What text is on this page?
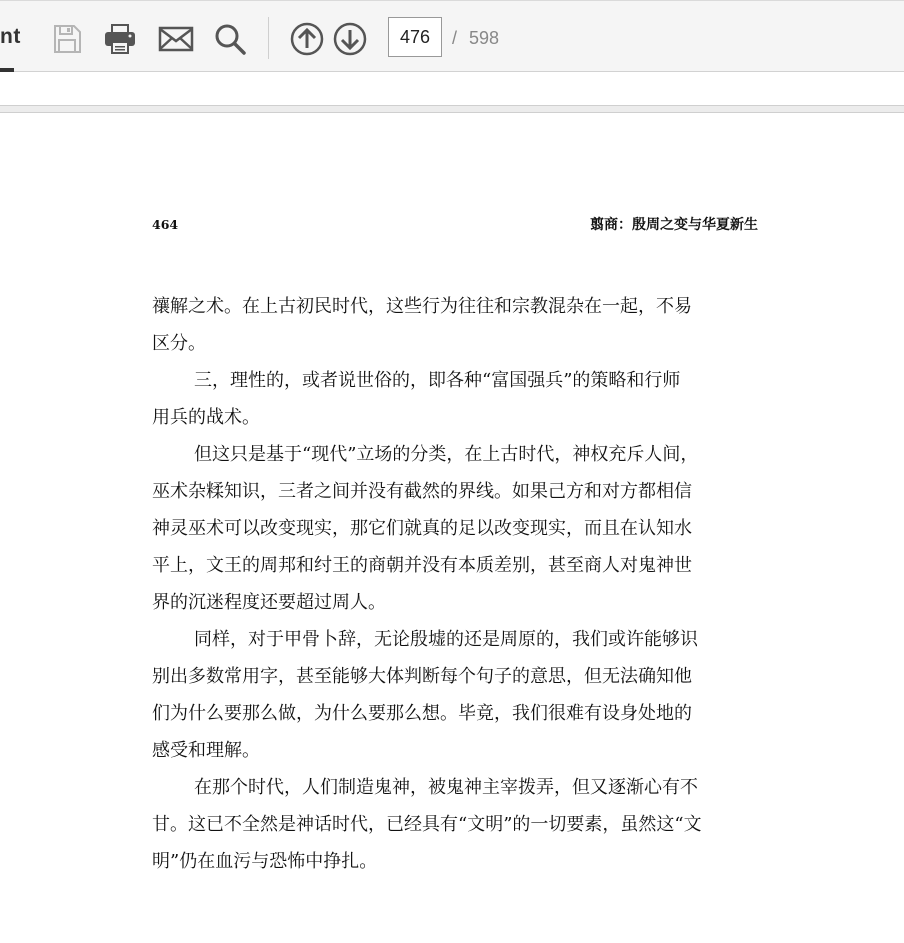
nt
476	/ 598
464	翦商：殷周之变与华夏新生
禳解之术。在上古初民时代，这些行为往往和宗教混杂在一起，不易
区分。
三，理性的，或者说世俗的，即各种“富国强兵”的策略和行师
用兵的战术。
但这只是基于“现代”立场的分类，在上古时代，神权充斥人间，
巫术杂糅知识，三者之间并没有截然的界线。如果己方和对方都相信
神灵巫术可以改变现实，那它们就真的足以改变现实，而且在认知水
平上，文王的周邦和纣王的商朝并没有本质差别，甚至商人对鬼神世
界的沉迷程度还要超过周人。
同样，对于甲骨卜辞，无论殷墟的还是周原的，我们或许能够识
别出多数常用字，甚至能够大体判断每个句子的意思，但无法确知他
们为什么要那么做，为什么要那么想。毕竟，我们很难有设身处地的
感受和理解。
在那个时代，人们制造鬼神，被鬼神主宰拨弄，但又逐渐心有不
甘。这已不全然是神话时代，已经具有“文明”的一切要素，虽然这“文
明”仍在血污与恐怖中挣扎。
